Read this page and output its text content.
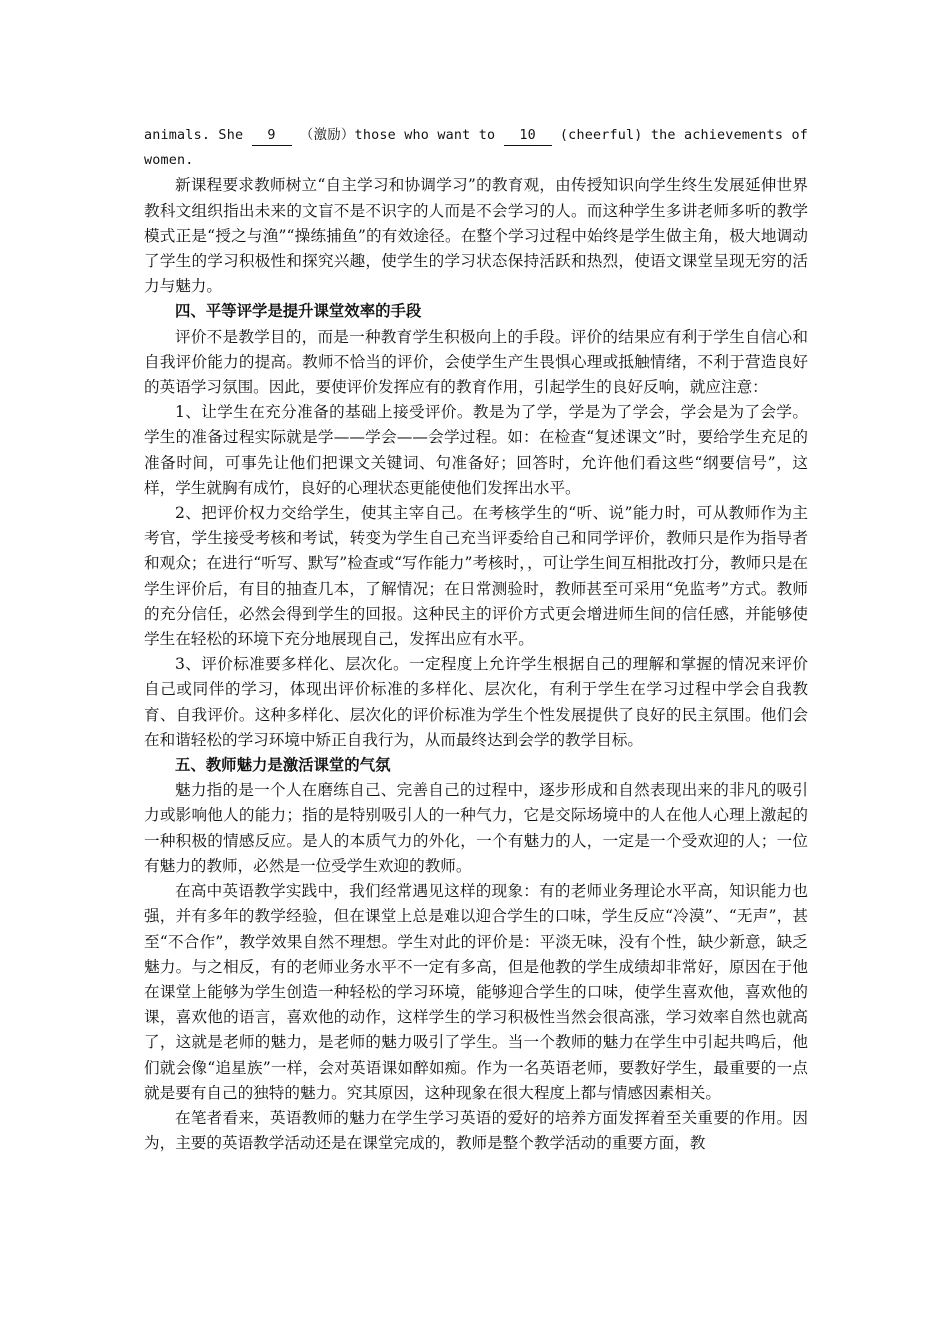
animals. She 9 （激励）those who want to 10 (cheerful) the achievements of women.

新课程要求教师树立“自主学习和协调学习”的教育观，由传授知识向学生终生发展延伸世界教科文组织指出未来的文盲不是不识字的人而是不会学习的人。而这种学生多讲老师多听的教学模式正是“授之与渔”“操练捕鱼”的有效途径。在整个学习过程中始终是学生做主角，极大地调动了学生的学习积极性和探究兴趣，使学生的学习状态保持活跃和热烈，使语文课堂呈现无穷的活力与魅力。

四、平等评学是提升课堂效率的手段

评价不是教学目的，而是一种教育学生积极向上的手段。评价的结果应有利于学生自信心和自我评价能力的提高。教师不恰当的评价，会使学生产生畏惧心理或抵触情绪，不利于营造良好的英语学习氛围。因此，要使评价发挥应有的教育作用，引起学生的良好反响，就应注意：

1、让学生在充分准备的基础上接受评价。教是为了学，学是为了学会，学会是为了会学。学生的准备过程实际就是学——学会——会学过程。如：在检查“复述课文”时，要给学生充足的准备时间，可事先让他们把课文关键词、句准备好；回答时，允许他们看这些“纲要信号”，这样，学生就胸有成竹，良好的心理状态更能使他们发挥出水平。

2、把评价权力交给学生，使其主宰自己。在考核学生的“听、说”能力时，可从教师作为主考官，学生接受考核和考试，转变为学生自己充当评委给自己和同学评价，教师只是作为指导者和观众；在进行“听写、默写”检查或“写作能力”考核时，，可让学生间互相批改打分，教师只是在学生评价后，有目的抽查几本，了解情况；在日常测验时，教师甚至可采用“免监考”方式。教师的充分信任，必然会得到学生的回报。这种民主的评价方式更会增进师生间的信任感，并能够使学生在轻松的环境下充分地展现自己，发挥出应有水平。

3、评价标准要多样化、层次化。一定程度上允许学生根据自己的理解和掌握的情况来评价自己或同伴的学习，体现出评价标准的多样化、层次化，有利于学生在学习过程中学会自我教育、自我评价。这种多样化、层次化的评价标准为学生个性发展提供了良好的民主氛围。他们会在和谐轻松的学习环境中矫正自我行为，从而最终达到会学的教学目标。

五、教师魅力是激活课堂的气氛

魅力指的是一个人在磨练自己、完善自己的过程中，逐步形成和自然表现出来的非凡的吸引力或影响他人的能力；指的是特别吸引人的一种气力，它是交际场境中的人在他人心理上激起的一种积极的情感反应。是人的本质气力的外化，一个有魅力的人，一定是一个受欢迎的人；一位有魅力的教师，必然是一位受学生欢迎的教师。

在高中英语教学实践中，我们经常遇见这样的现象：有的老师业务理论水平高，知识能力也强，并有多年的教学经验，但在课堂上总是难以迎合学生的口味，学生反应“冷漠”、“无声”，甚至“不合作”，教学效果自然不理想。学生对此的评价是：平淡无味，没有个性，缺少新意，缺乏魅力。与之相反，有的老师业务水平不一定有多高，但是他教的学生成绩却非常好，原因在于他在课堂上能够为学生创造一种轻松的学习环境，能够迎合学生的口味，使学生喜欢他，喜欢他的课，喜欢他的语言，喜欢他的动作，这样学生的学习积极性当然会很高涨，学习效率自然也就高了，这就是老师的魅力，是老师的魅力吸引了学生。当一个教师的魅力在学生中引起共鸣后，他们就会像“追星族”一样，会对英语课如醉如痴。作为一名英语老师，要教好学生，最重要的一点就是要有自己的独特的魅力。究其原因，这种现象在很大程度上都与情感因素相关。

在笔者看来，英语教师的魅力在学生学习英语的爱好的培养方面发挥着至关重要的作用。因为，主要的英语教学活动还是在课堂完成的，教师是整个教学活动的重要方面，教
